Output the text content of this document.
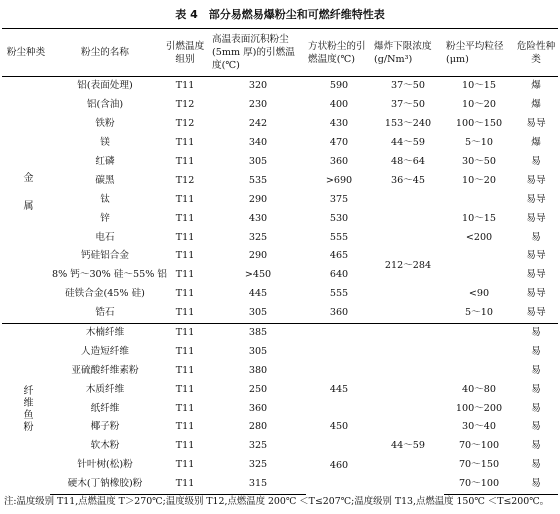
表 4　部分易燃易爆粉尘和可燃纤维特性表
粉尘种类	粉尘的名称	引燃温度组别	高温表面沉积粉尘(5mm 厚)的引燃温度(℃)	方状粉尘的引燃温度(℃)	爆炸下限浓度(g/Nm³)	粉尘平均粒径(μm)	危险性种类
金属	铝(表面处理)	T11	320	590	37～50	10～15	爆
	铝(含油)	T12	230	400	37～50	10～20	爆
	铁粉	T12	242	430	153～240	100～150	易导
	镁	T11	340	470	44～59	5～10	爆
	红磷	T11	305	360	48～64	30～50	易
	碳黑	T12	535	>690	36～45	10～20	易导
	钛	T11	290	375			易导
	锌	T11	430	530	212～284	10～15	易导
	电石	T11	325	555		<200	易
	钙硅铝合金	T11	290	465			易导
	8% 钙～30% 硅～55% 铝	T11	>450	640			易导
	硅铁合金(45% 硅)	T11	445	555		<90	易导
	锆石	T11	305	360		5～10	易导
纤维鱼粉	木楠纤维	T11	385				易
	人造短纤维	T11	305				易
	亚硫酸纤维素粉	T11	380				易
	木质纤维	T11	250	445		40～80	易
	纸纤维	T11	360			100～200	易
	椰子粉	T11	280	450		30～40	易
	软木粉	T11	325	460	44～59	70～100	易
	针叶树(松)粉	T11	325			70～150	易
	硬木(丁钠橡胶)粉	T11	315			70～100	易
注:温度级别 T11,点燃温度 T＞270℃;温度级别 T12,点燃温度 200℃ ＜T≤207℃;温度级别 T13,点燃温度 150℃ ＜T≤200℃。
